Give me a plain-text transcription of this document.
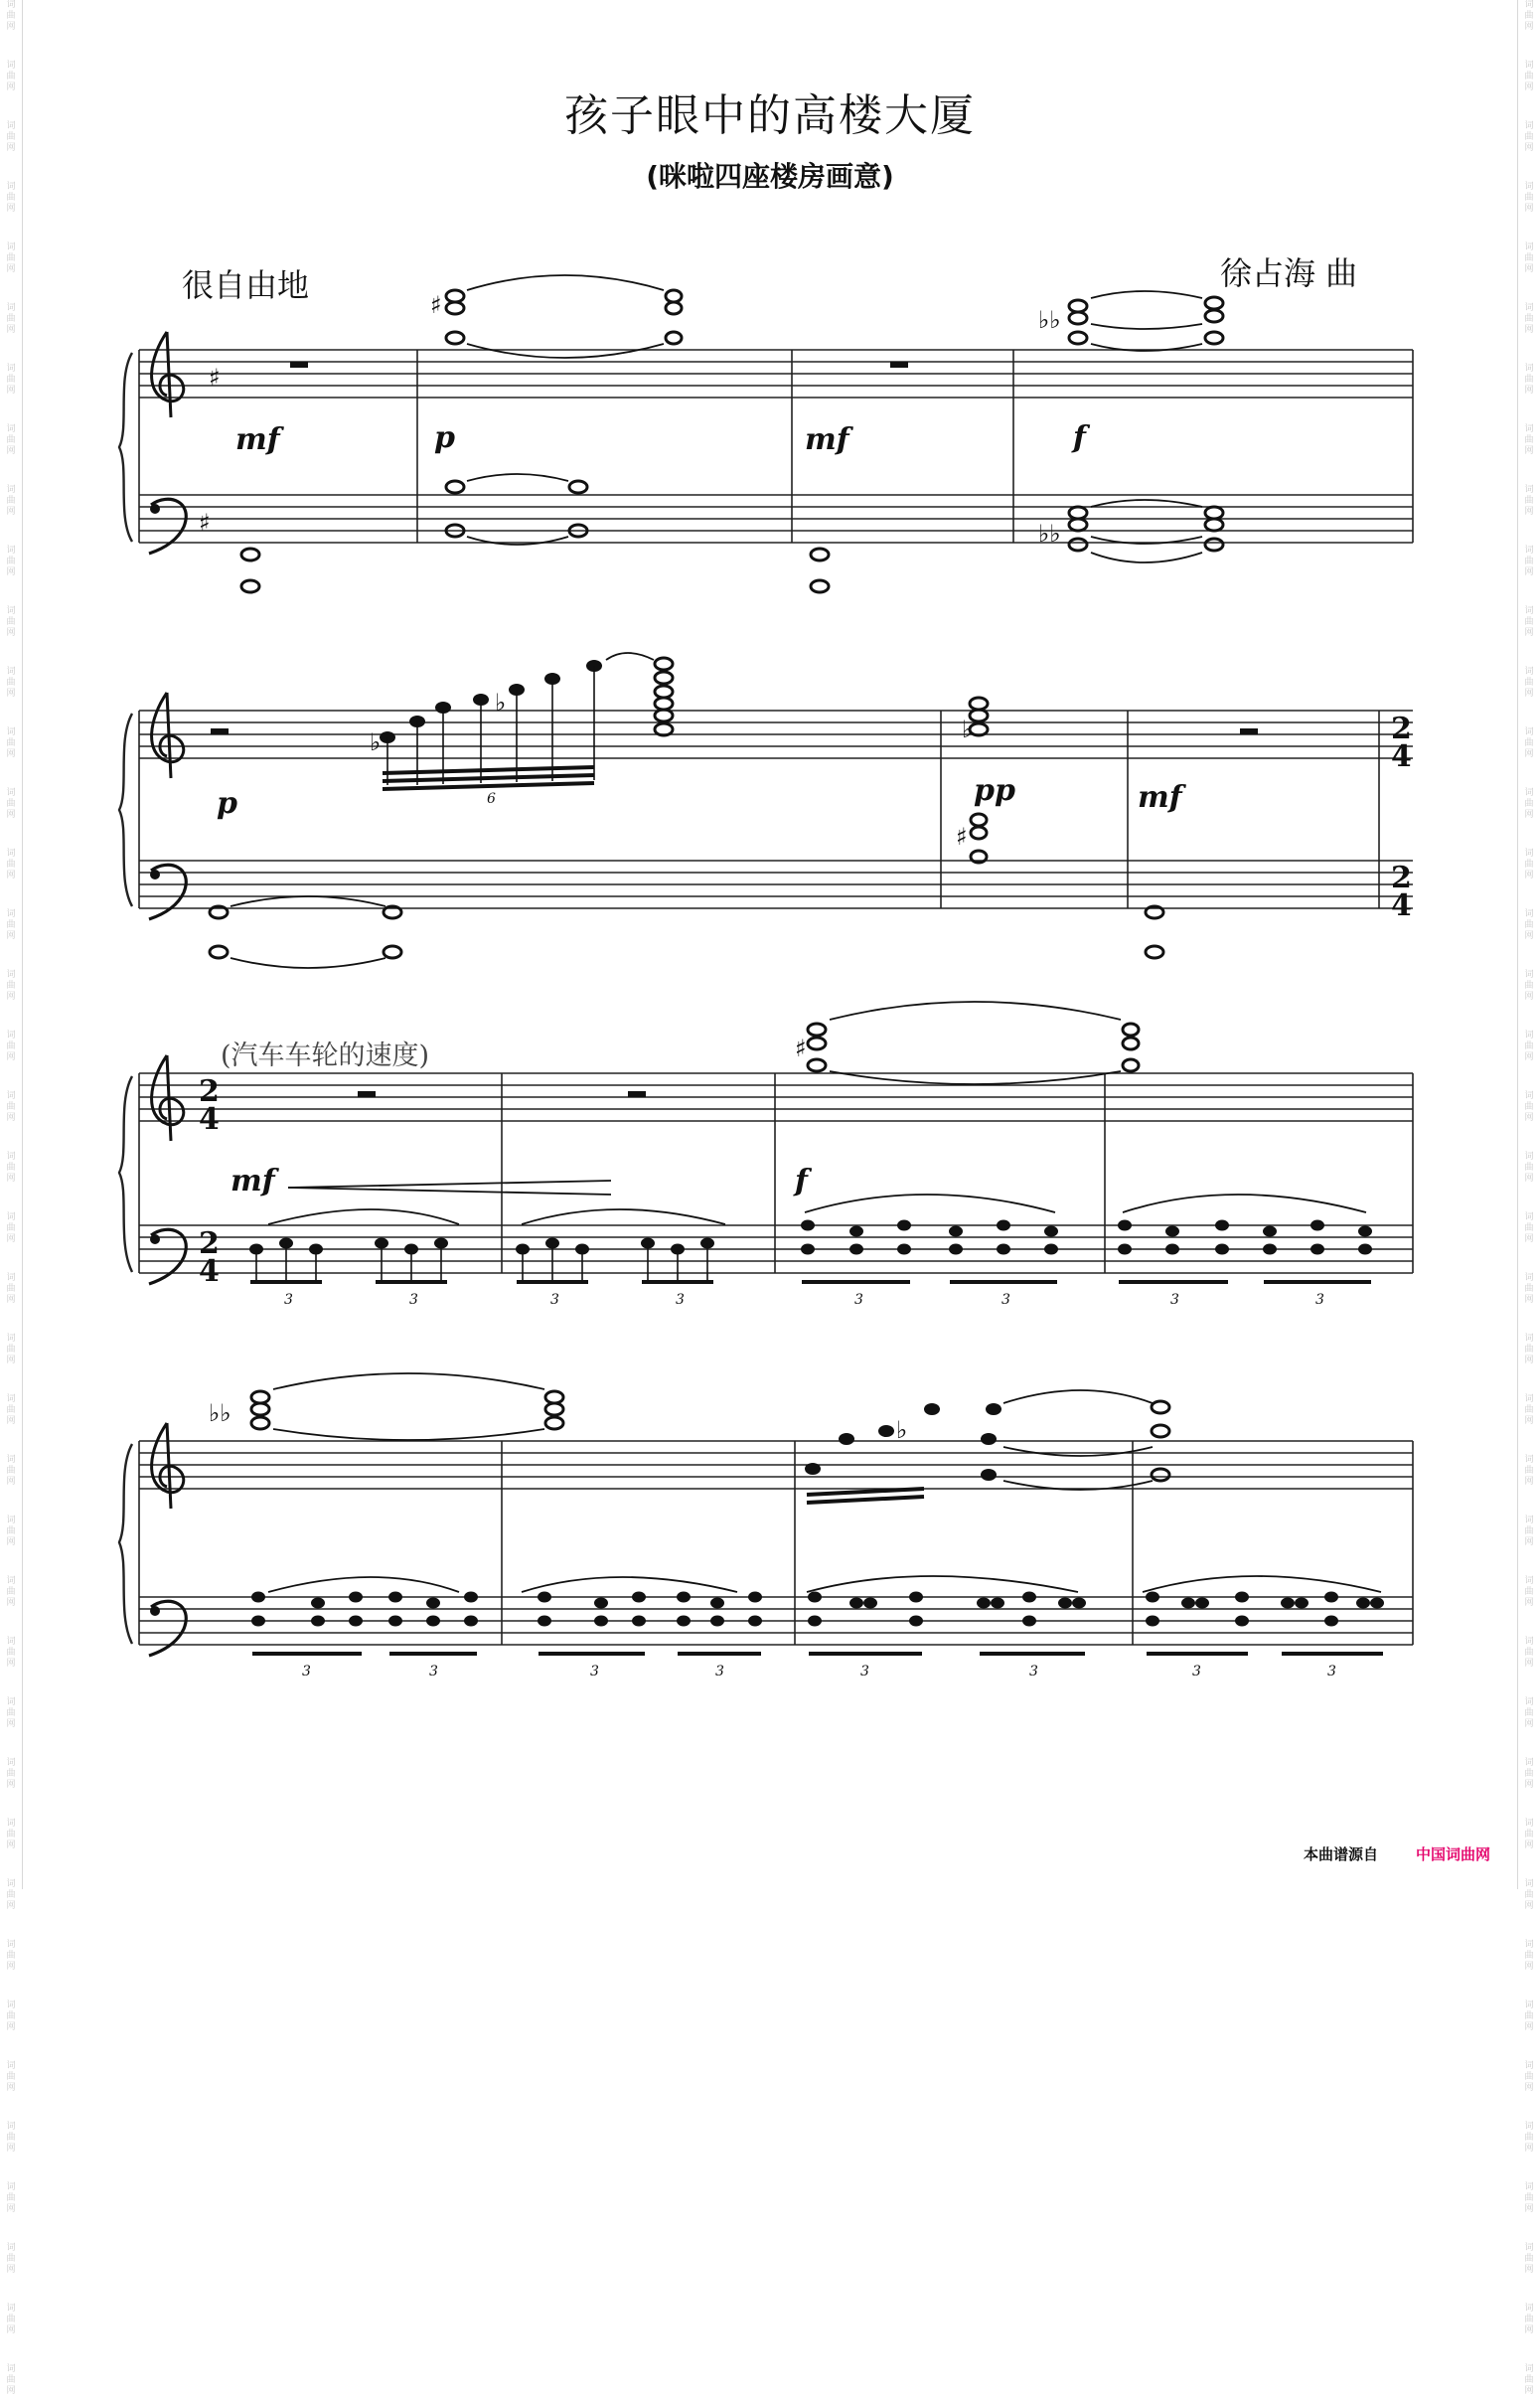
词曲网
词曲网
词曲网
词曲网
词曲网
词曲网
词曲网
词曲网
词曲网
词曲网
词曲网
词曲网
词曲网
词曲网
词曲网
词曲网
词曲网
词曲网
词曲网
词曲网
词曲网
词曲网
词曲网
词曲网
词曲网
词曲网
词曲网
词曲网
词曲网
词曲网
词曲网
词曲网
词曲网
词曲网
词曲网
词曲网
词曲网
词曲网
词曲网
词曲网
词曲网
词曲网
词曲网
词曲网
词曲网
词曲网
词曲网
词曲网
词曲网
词曲网
词曲网
词曲网
词曲网
词曲网
词曲网
词曲网
词曲网
词曲网
词曲网
词曲网
词曲网
词曲网
词曲网
词曲网
词曲网
词曲网
词曲网
词曲网
词曲网
词曲网
词曲网
词曲网
词曲网
词曲网
词曲网
词曲网
词曲网
词曲网
词曲网
词曲网
孩子眼中的高楼大厦
(咪啦四座楼房画意)
很自由地	徐占海 曲
(汽车车轮的速度)
♯
♯
♯
♭♭
♭♭
♭
♭
♭
♯
♯
♭♭
♭
mf	p	mf	f
p	pp	mf
mf	f
2
4
2
4
2
4
2
4
6
3	3	3	3	3	3	3	3
3	3	3	3	3	3	3	3
本曲谱源自	中国词曲网
